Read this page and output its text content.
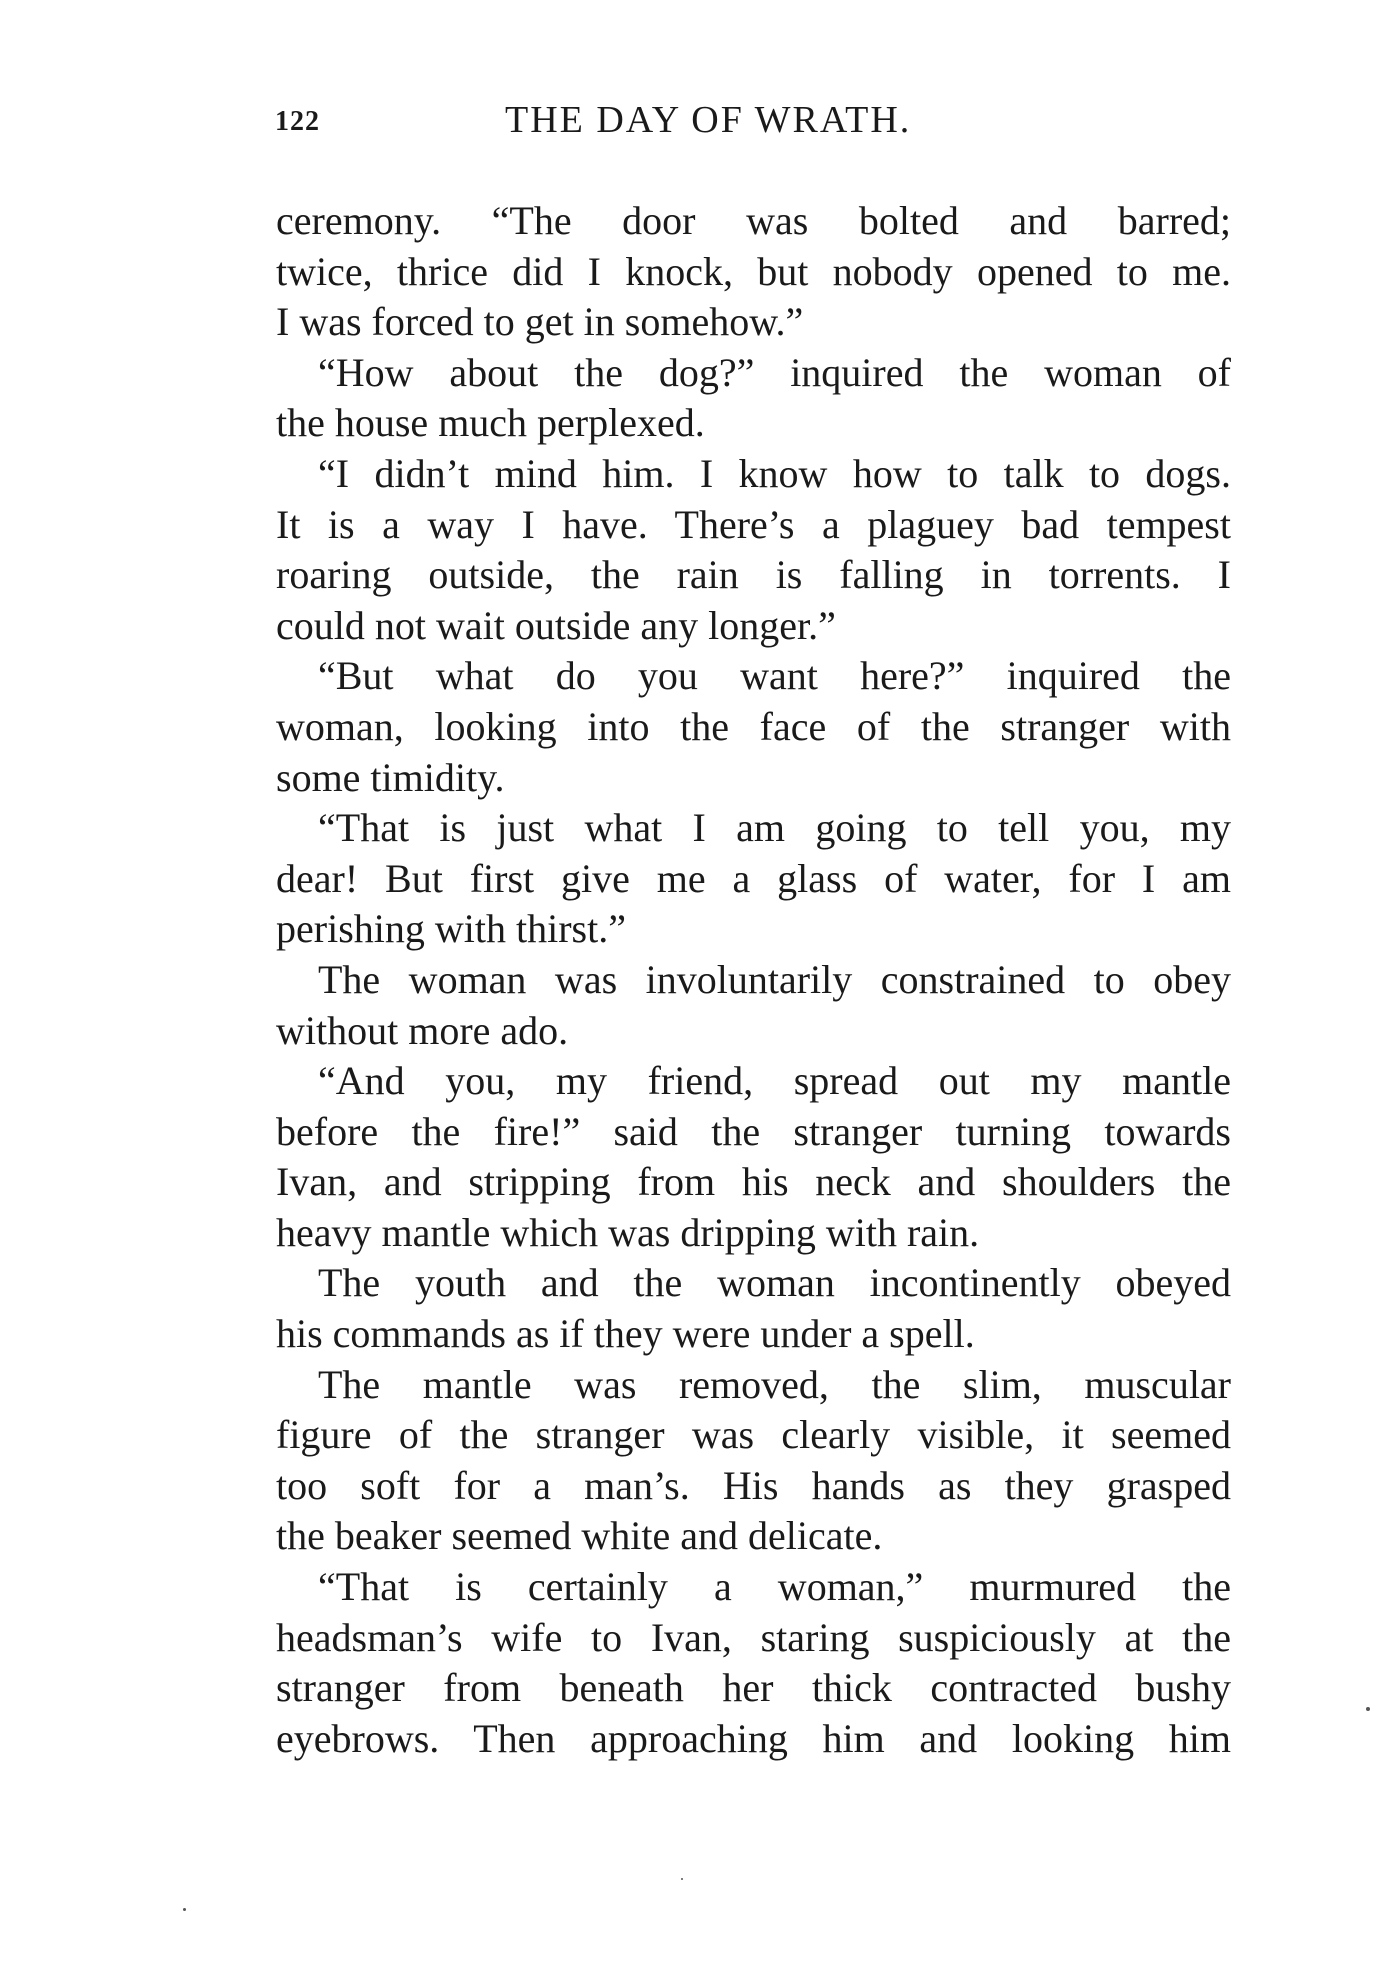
122	THE DAY OF WRATH.
ceremony. “The door was bolted and barred;
twice, thrice did I knock, but nobody opened to me.
I was forced to get in somehow.”
“How about the dog?” inquired the woman of
the house much perplexed.
“I didn’t mind him. I know how to talk to dogs.
It is a way I have. There’s a plaguey bad tempest
roaring outside, the rain is falling in torrents. I
could not wait outside any longer.”
“But what do you want here?” inquired the
woman, looking into the face of the stranger with
some timidity.
“That is just what I am going to tell you, my
dear! But first give me a glass of water, for I am
perishing with thirst.”
The woman was involuntarily constrained to obey
without more ado.
“And you, my friend, spread out my mantle
before the fire!” said the stranger turning towards
Ivan, and stripping from his neck and shoulders the
heavy mantle which was dripping with rain.
The youth and the woman incontinently obeyed
his commands as if they were under a spell.
The mantle was removed, the slim, muscular
figure of the stranger was clearly visible, it seemed
too soft for a man’s. His hands as they grasped
the beaker seemed white and delicate.
“That is certainly a woman,” murmured the
headsman’s wife to Ivan, staring suspiciously at the
stranger from beneath her thick contracted bushy
eyebrows. Then approaching him and looking him
